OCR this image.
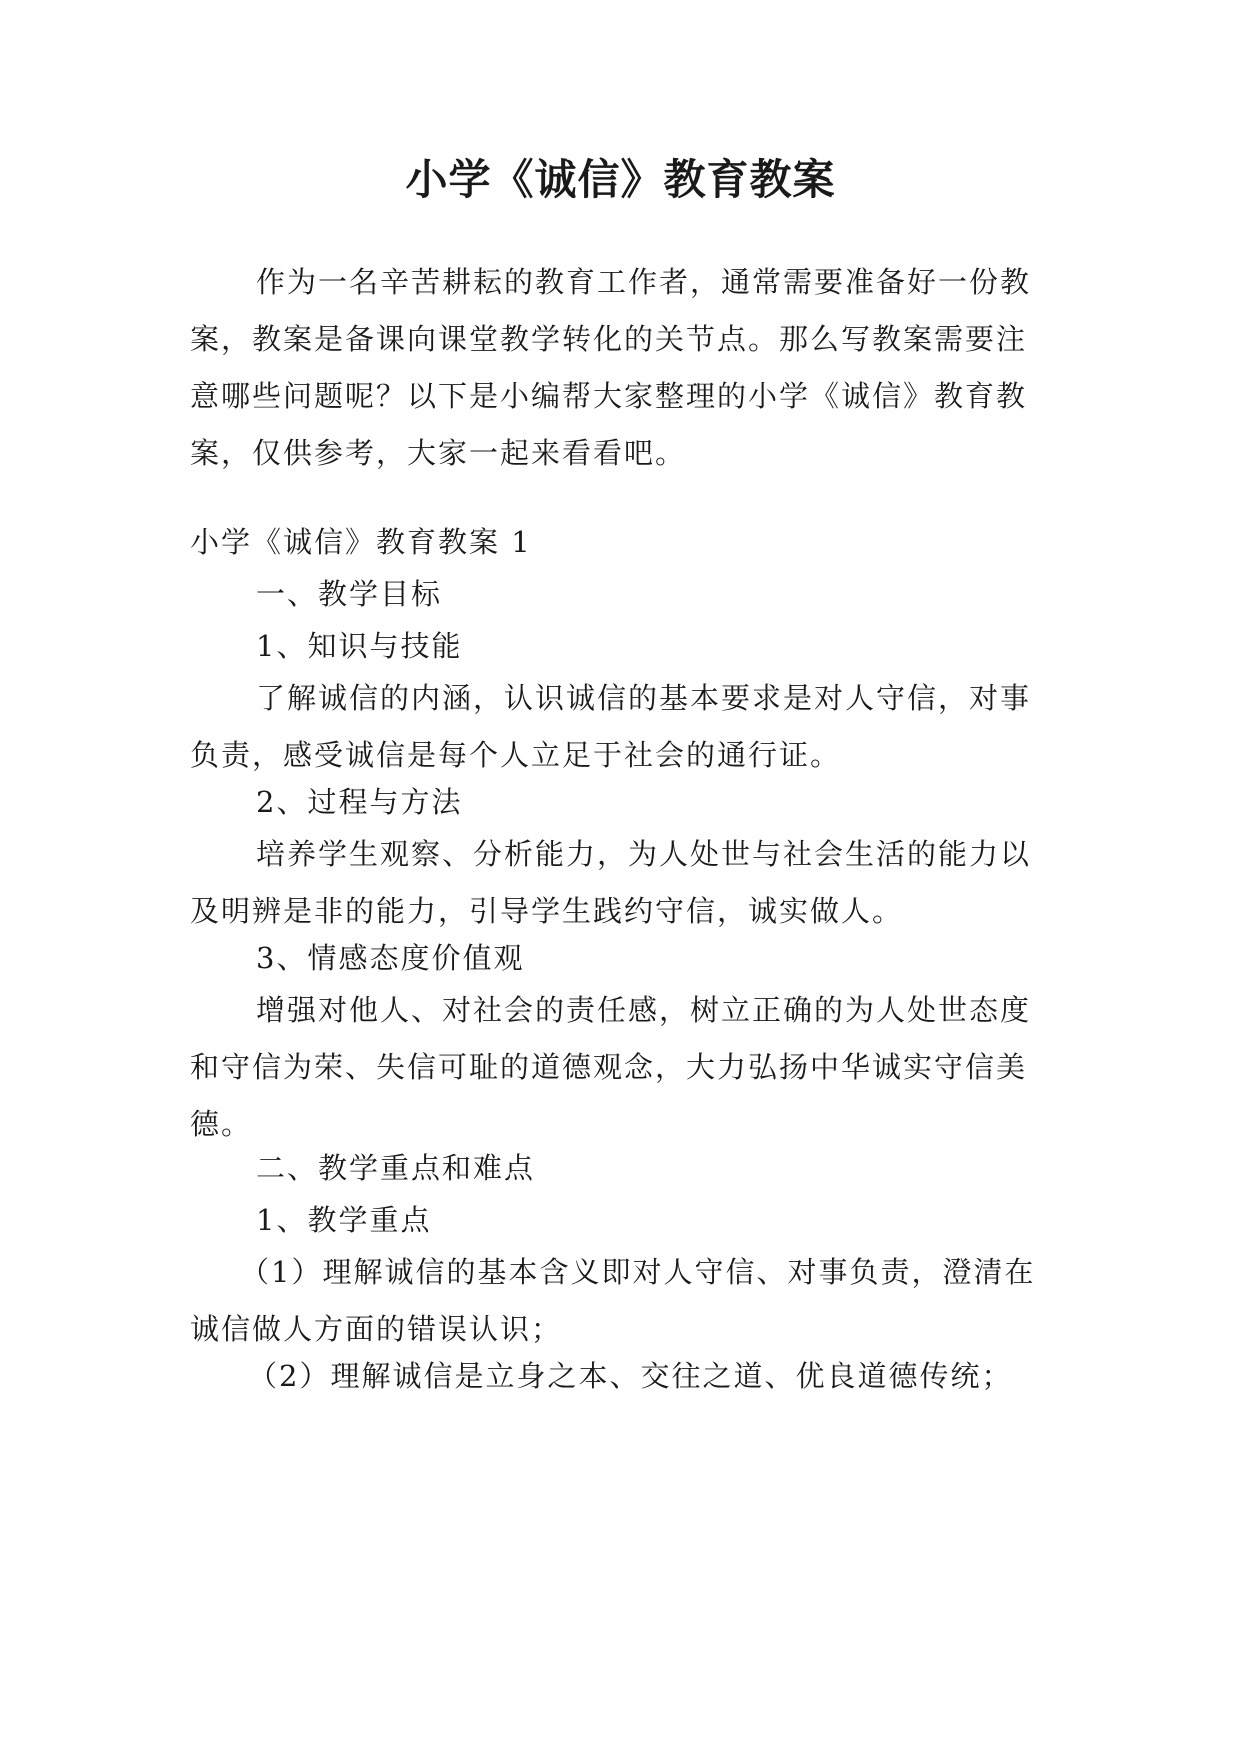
小学《诚信》教育教案

作为一名辛苦耕耘的教育工作者，通常需要准备好一份教案，教案是备课向课堂教学转化的关节点。那么写教案需要注意哪些问题呢？以下是小编帮大家整理的小学《诚信》教育教案，仅供参考，大家一起来看看吧。

小学《诚信》教育教案 1

一、教学目标

1、知识与技能

了解诚信的内涵，认识诚信的基本要求是对人守信，对事负责，感受诚信是每个人立足于社会的通行证。

2、过程与方法

培养学生观察、分析能力，为人处世与社会生活的能力以及明辨是非的能力，引导学生践约守信，诚实做人。

3、情感态度价值观

增强对他人、对社会的责任感，树立正确的为人处世态度和守信为荣、失信可耻的道德观念，大力弘扬中华诚实守信美德。

二、教学重点和难点

1、教学重点

（1）理解诚信的基本含义即对人守信、对事负责，澄清在诚信做人方面的错误认识；

（2）理解诚信是立身之本、交往之道、优良道德传统；
